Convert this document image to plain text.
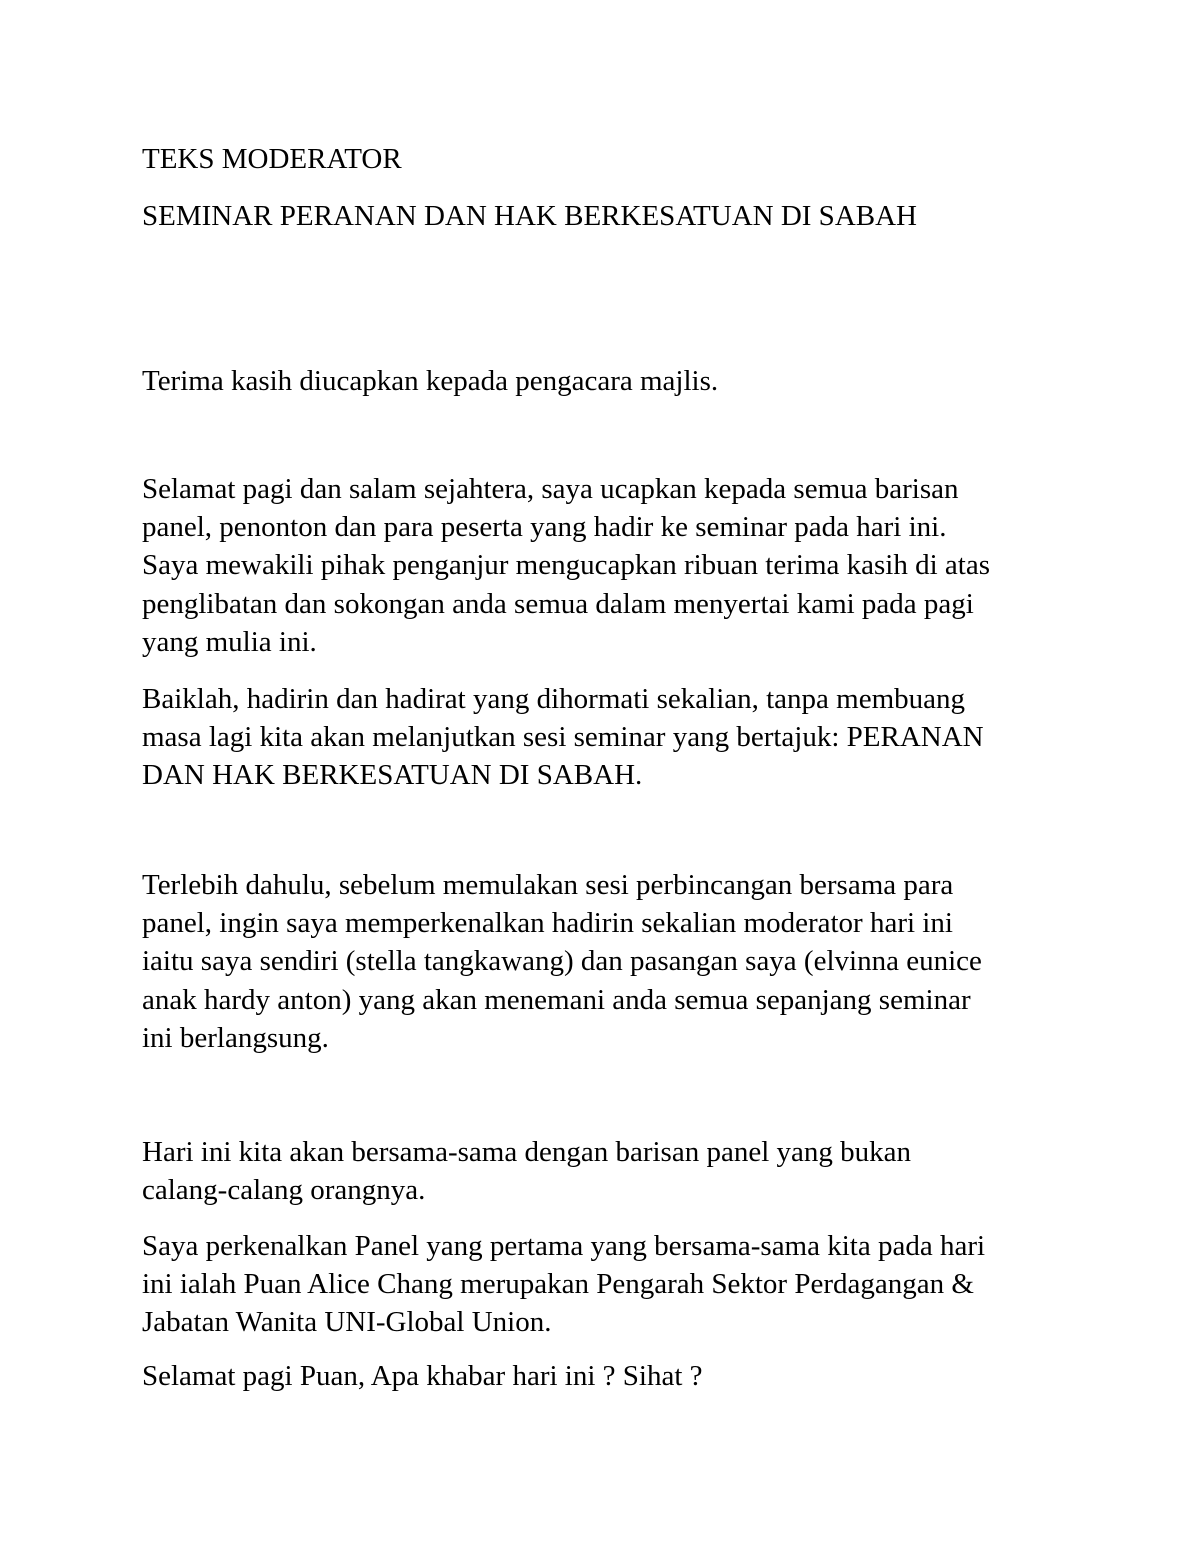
TEKS MODERATOR
SEMINAR PERANAN DAN HAK BERKESATUAN DI SABAH

Terima kasih diucapkan kepada pengacara majlis.

Selamat pagi dan salam sejahtera, saya ucapkan kepada semua barisan
panel, penonton dan para peserta yang hadir ke seminar pada hari ini.
Saya mewakili pihak penganjur mengucapkan ribuan terima kasih di atas
penglibatan dan sokongan anda semua dalam menyertai kami pada pagi
yang mulia ini.

Baiklah, hadirin dan hadirat yang dihormati sekalian, tanpa membuang
masa lagi kita akan melanjutkan sesi seminar yang bertajuk: PERANAN
DAN HAK BERKESATUAN DI SABAH.

Terlebih dahulu, sebelum memulakan sesi perbincangan bersama para
panel, ingin saya memperkenalkan hadirin sekalian moderator hari ini
iaitu saya sendiri (stella tangkawang) dan pasangan saya (elvinna eunice
anak hardy anton) yang akan menemani anda semua sepanjang seminar
ini berlangsung.

Hari ini kita akan bersama-sama dengan barisan panel yang bukan
calang-calang orangnya.

Saya perkenalkan Panel yang pertama yang bersama-sama kita pada hari
ini ialah Puan Alice Chang merupakan Pengarah Sektor Perdagangan &
Jabatan Wanita UNI-Global Union.

Selamat pagi Puan, Apa khabar hari ini ? Sihat ?
